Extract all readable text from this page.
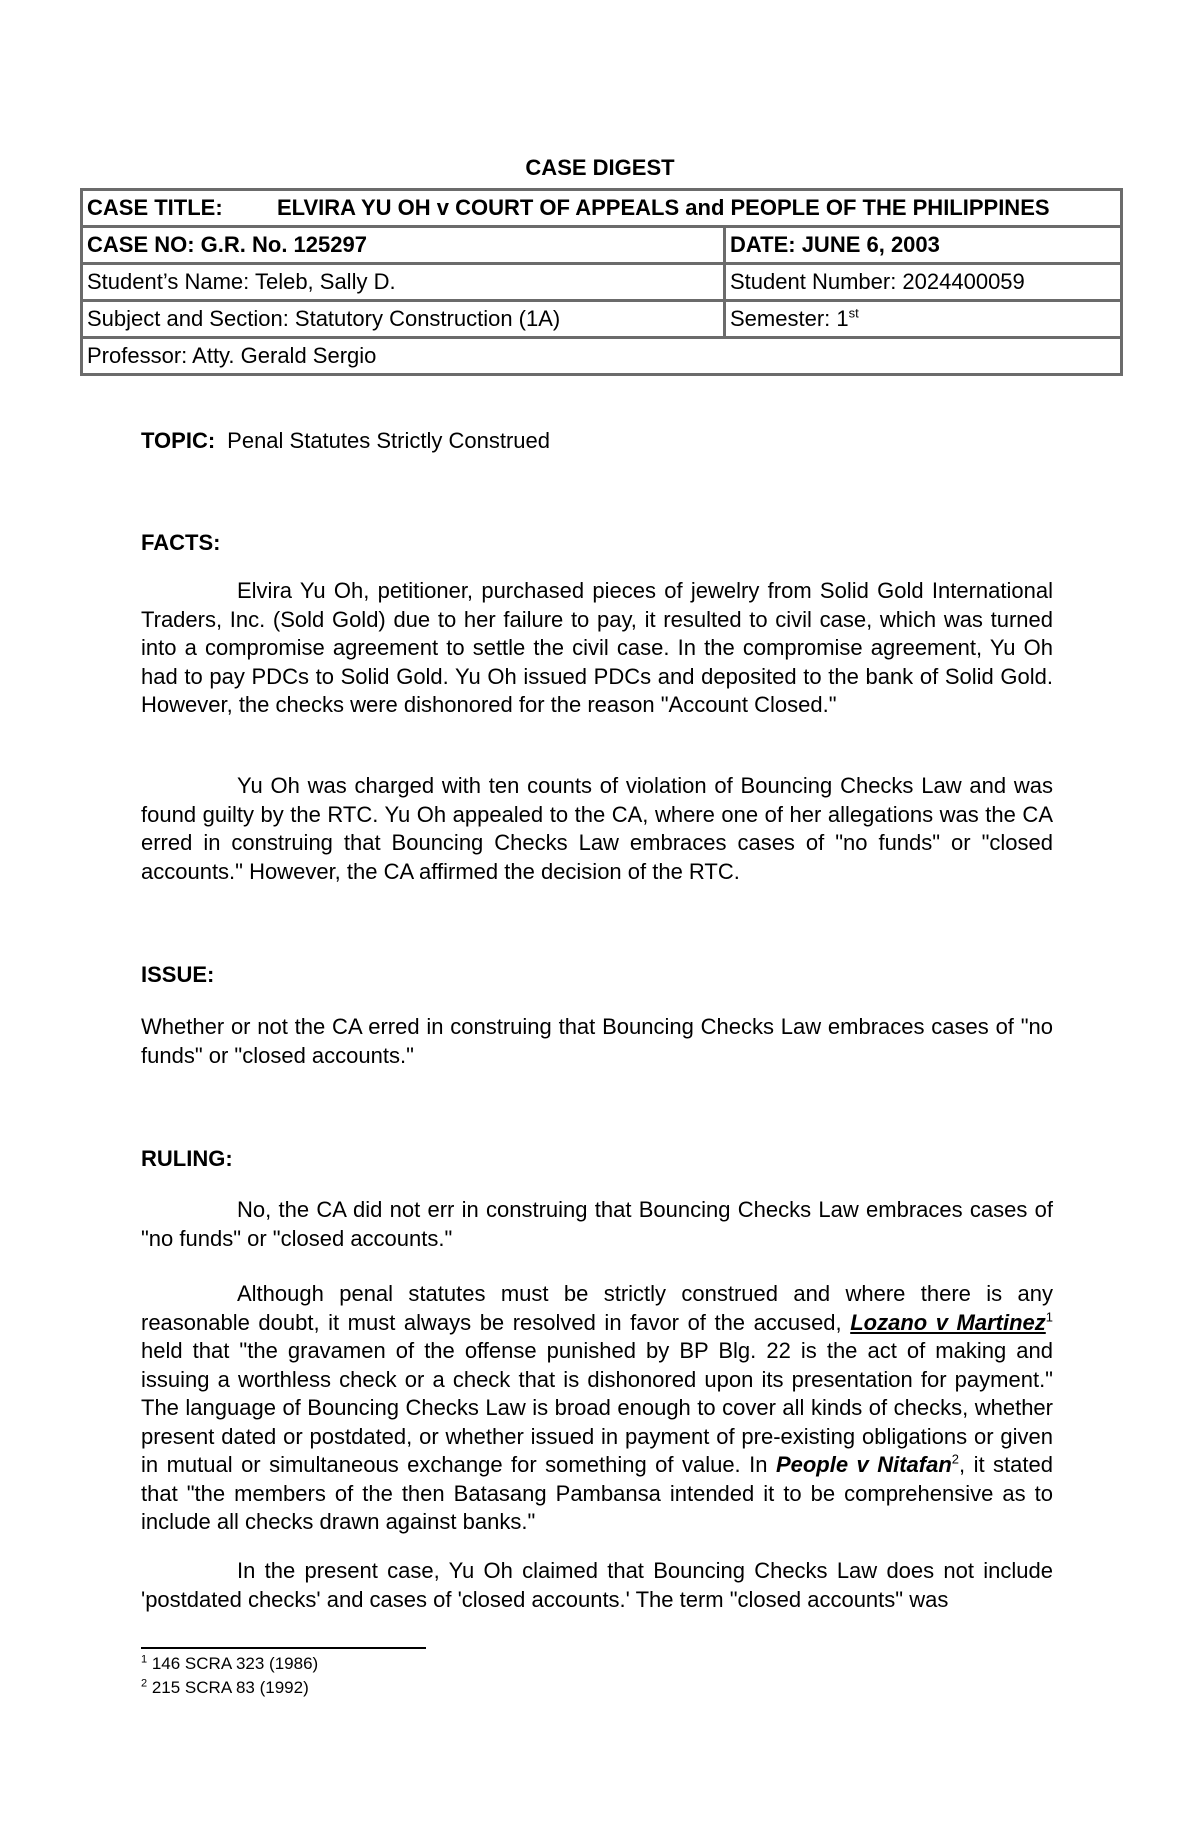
CASE DIGEST
CASE TITLE: ELVIRA YU OH v COURT OF APPEALS and PEOPLE OF THE PHILIPPINES	
CASE NO: G.R. No. 125297	DATE: JUNE 6, 2003
Student’s Name: Teleb, Sally D.	Student Number: 2024400059
Subject and Section: Statutory Construction (1A)	Semester: 1st
Professor: Atty. Gerald Sergio	
TOPIC: Penal Statutes Strictly Construed
FACTS:

Elvira Yu Oh, petitioner, purchased pieces of jewelry from Solid Gold International Traders, Inc. (Sold Gold) due to her failure to pay, it resulted to civil case, which was turned into a compromise agreement to settle the civil case. In the compromise agreement, Yu Oh had to pay PDCs to Solid Gold. Yu Oh issued PDCs and deposited to the bank of Solid Gold. However, the checks were dishonored for the reason "Account Closed."

Yu Oh was charged with ten counts of violation of Bouncing Checks Law and was found guilty by the RTC. Yu Oh appealed to the CA, where one of her allegations was the CA erred in construing that Bouncing Checks Law embraces cases of "no funds" or "closed accounts." However, the CA affirmed the decision of the RTC.

ISSUE:

Whether or not the CA erred in construing that Bouncing Checks Law embraces cases of "no funds" or "closed accounts."

RULING:

No, the CA did not err in construing that Bouncing Checks Law embraces cases of "no funds" or "closed accounts."

Although penal statutes must be strictly construed and where there is any reasonable doubt, it must always be resolved in favor of the accused, Lozano v Martinez$^1$ held that "the gravamen of the offense punished by BP Blg. 22 is the act of making and issuing a worthless check or a check that is dishonored upon its presentation for payment." The language of Bouncing Checks Law is broad enough to cover all kinds of checks, whether present dated or postdated, or whether issued in payment of pre-existing obligations or given in mutual or simultaneous exchange for something of value. In People v Nitafan$^2$, it stated that "the members of the then Batasang Pambansa intended it to be comprehensive as to include all checks drawn against banks."

In the present case, Yu Oh claimed that Bouncing Checks Law does not include 'postdated checks' and cases of 'closed accounts.' The term "closed accounts" was

$^1$ 146 SCRA 323 (1986)
$^2$ 215 SCRA 83 (1992)
